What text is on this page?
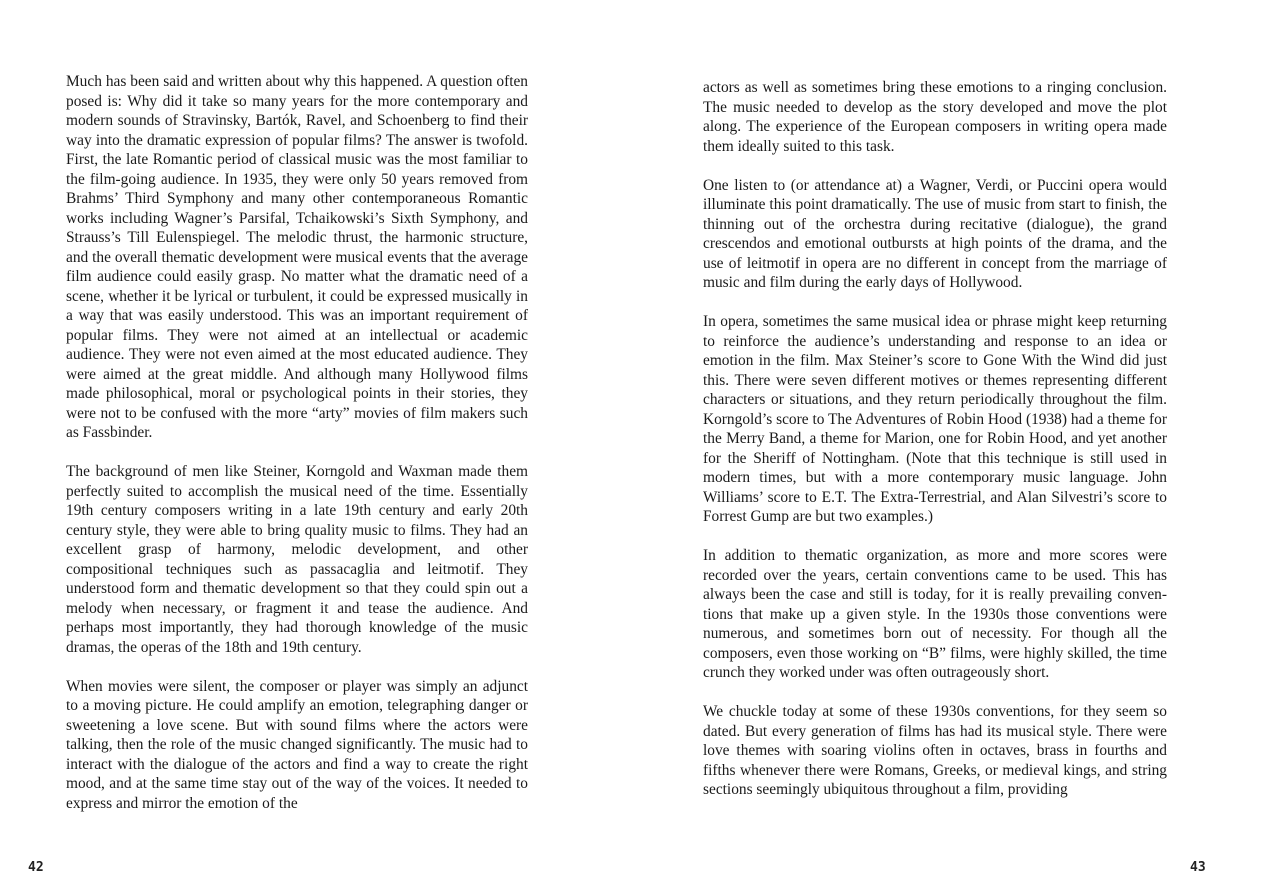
Much has been said and written about why this happened. A question often posed is: Why did it take so many years for the more contemporary and modern sounds of Stravinsky, Bartók, Ravel, and Schoenberg to find their way into the dramatic expression of popular films? The answer is twofold. First, the late Romantic period of classical music was the most familiar to the film-going audience. In 1935, they were only 50 years removed from Brahms’ Third Symphony and many other contemporaneous Romantic works including Wagner’s Parsifal, Tchaikowski’s Sixth Symphony, and Strauss’s Till Eulenspiegel. The melodic thrust, the harmonic structure, and the overall thematic development were musical events that the average film audience could easily grasp. No matter what the dramatic need of a scene, whether it be lyrical or turbulent, it could be expressed musically in a way that was easily understood. This was an important requirement of popular films. They were not aimed at an intellectual or academic audience. They were not even aimed at the most educated audience. They were aimed at the great middle. And although many Hollywood films made philosophical, moral or psychological points in their stories, they were not to be confused with the more “arty” movies of film makers such as Fassbinder.

The background of men like Steiner, Korngold and Waxman made them perfectly suited to accomplish the musical need of the time. Essentially 19th century composers writing in a late 19th century and early 20th century style, they were able to bring quality music to films. They had an excellent grasp of harmony, melodic development, and other compositional techniques such as passacaglia and leitmotif. They understood form and thematic development so that they could spin out a melody when necessary, or fragment it and tease the audience. And perhaps most importantly, they had thorough knowledge of the music dramas, the operas of the 18th and 19th century.

When movies were silent, the composer or player was simply an adjunct to a moving picture. He could amplify an emotion, telegraphing danger or sweetening a love scene. But with sound films where the actors were talking, then the role of the music changed significantly. The music had to interact with the dialogue of the actors and find a way to create the right mood, and at the same time stay out of the way of the voices. It needed to express and mirror the emotion of the

42

actors as well as sometimes bring these emotions to a ringing conclusion. The music needed to develop as the story developed and move the plot along. The experience of the European composers in writing opera made them ideally suited to this task.

One listen to (or attendance at) a Wagner, Verdi, or Puccini opera would illuminate this point dramatically. The use of music from start to finish, the thinning out of the orchestra during recitative (dialogue), the grand crescendos and emotional outbursts at high points of the drama, and the use of leitmotif in opera are no different in concept from the marriage of music and film during the early days of Hollywood.

In opera, sometimes the same musical idea or phrase might keep returning to reinforce the audience’s understanding and response to an idea or emotion in the film. Max Steiner’s score to Gone With the Wind did just this. There were seven different motives or themes representing different characters or situations, and they return periodically throughout the film. Korngold’s score to The Adventures of Robin Hood (1938) had a theme for the Merry Band, a theme for Marion, one for Robin Hood, and yet another for the Sheriff of Nottingham. (Note that this technique is still used in modern times, but with a more contemporary music language. John Williams’ score to E.T. The Extra-Terrestrial, and Alan Silvestri’s score to Forrest Gump are but two examples.)

In addition to thematic organization, as more and more scores were recorded over the years, certain conventions came to be used. This has always been the case and still is today, for it is really prevailing conventions that make up a given style. In the 1930s those conventions were numerous, and sometimes born out of necessity. For though all the composers, even those working on “B” films, were highly skilled, the time crunch they worked under was often outrageously short.

We chuckle today at some of these 1930s conventions, for they seem so dated. But every generation of films has had its musical style. There were love themes with soaring violins often in octaves, brass in fourths and fifths whenever there were Romans, Greeks, or medieval kings, and string sections seemingly ubiquitous throughout a film, providing

43
